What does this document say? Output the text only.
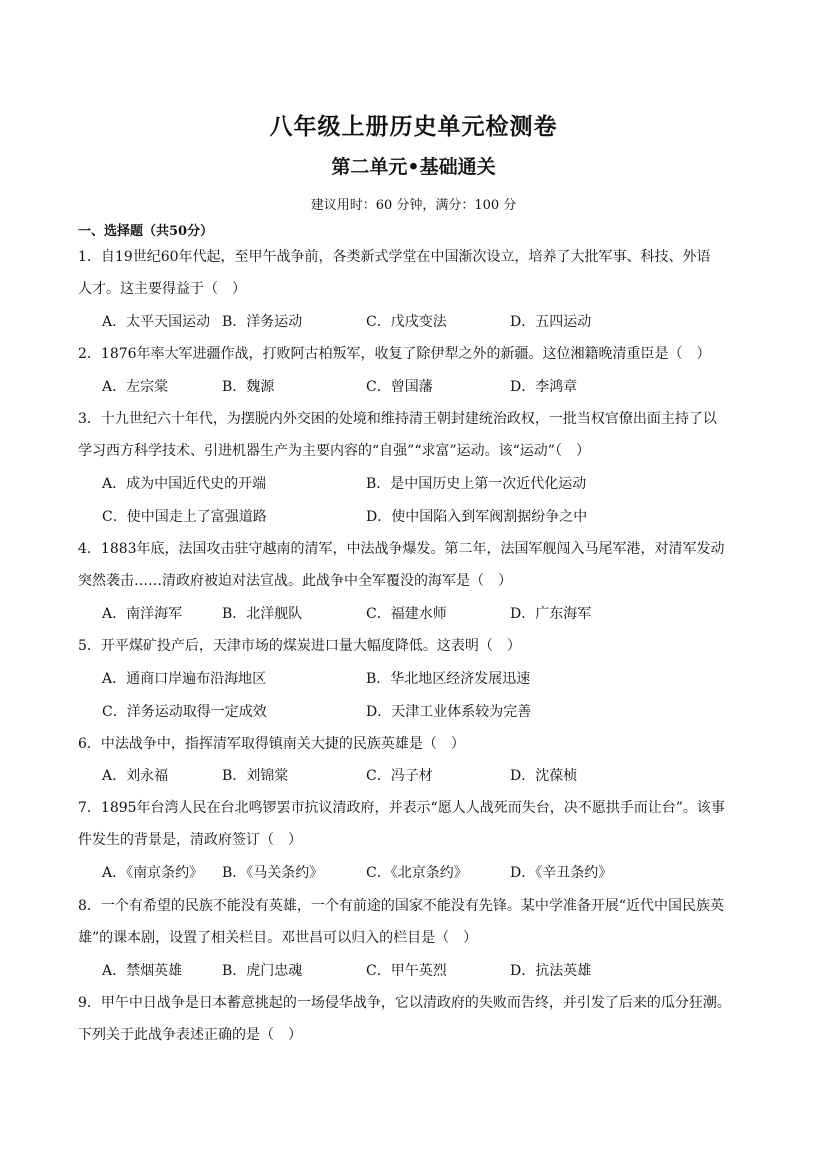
八年级上册历史单元检测卷
第二单元•基础通关
建议用时：60 分钟，满分：100 分
一、选择题（共50分）
1．自19世纪60年代起，至甲午战争前，各类新式学堂在中国渐次设立，培养了大批军事、科技、外语
人才。这主要得益于（　）
A．太平天国运动 B．洋务运动	C．戊戌变法	D．五四运动
2．1876年率大军进疆作战，打败阿古柏叛军，收复了除伊犁之外的新疆。这位湘籍晚清重臣是（　）
A．左宗棠	B．魏源	C．曾国藩	D．李鸿章
3．十九世纪六十年代，为摆脱内外交困的处境和维持清王朝封建统治政权，一批当权官僚出面主持了以
学习西方科学技术、引进机器生产为主要内容的“自强”“求富”运动。该“运动”（　）
A．成为中国近代史的开端	B．是中国历史上第一次近代化运动
C．使中国走上了富强道路	D．使中国陷入到军阀割据纷争之中
4．1883年底，法国攻击驻守越南的清军，中法战争爆发。第二年，法国军舰闯入马尾军港，对清军发动
突然袭击……清政府被迫对法宣战。此战争中全军覆没的海军是（　）
A．南洋海军	B．北洋舰队	C．福建水师	D．广东海军
5．开平煤矿投产后，天津市场的煤炭进口量大幅度降低。这表明（　）
A．通商口岸遍布沿海地区	B．华北地区经济发展迅速
C．洋务运动取得一定成效	D．天津工业体系较为完善
6．中法战争中，指挥清军取得镇南关大捷的民族英雄是（　）
A．刘永福	B．刘锦棠	C．冯子材	D．沈葆桢
7．1895年台湾人民在台北鸣锣罢市抗议清政府，并表示“愿人人战死而失台，决不愿拱手而让台”。该事
件发生的背景是，清政府签订（　）
A．《南京条约》 B．《马关条约》	C．《北京条约》	D．《辛丑条约》
8．一个有希望的民族不能没有英雄，一个有前途的国家不能没有先锋。某中学准备开展“近代中国民族英
雄”的课本剧，设置了相关栏目。邓世昌可以归入的栏目是（　）
A．禁烟英雄	B．虎门忠魂	C．甲午英烈	D．抗法英雄
9．甲午中日战争是日本蓄意挑起的一场侵华战争，它以清政府的失败而告终，并引发了后来的瓜分狂潮。
下列关于此战争表述正确的是（　）
